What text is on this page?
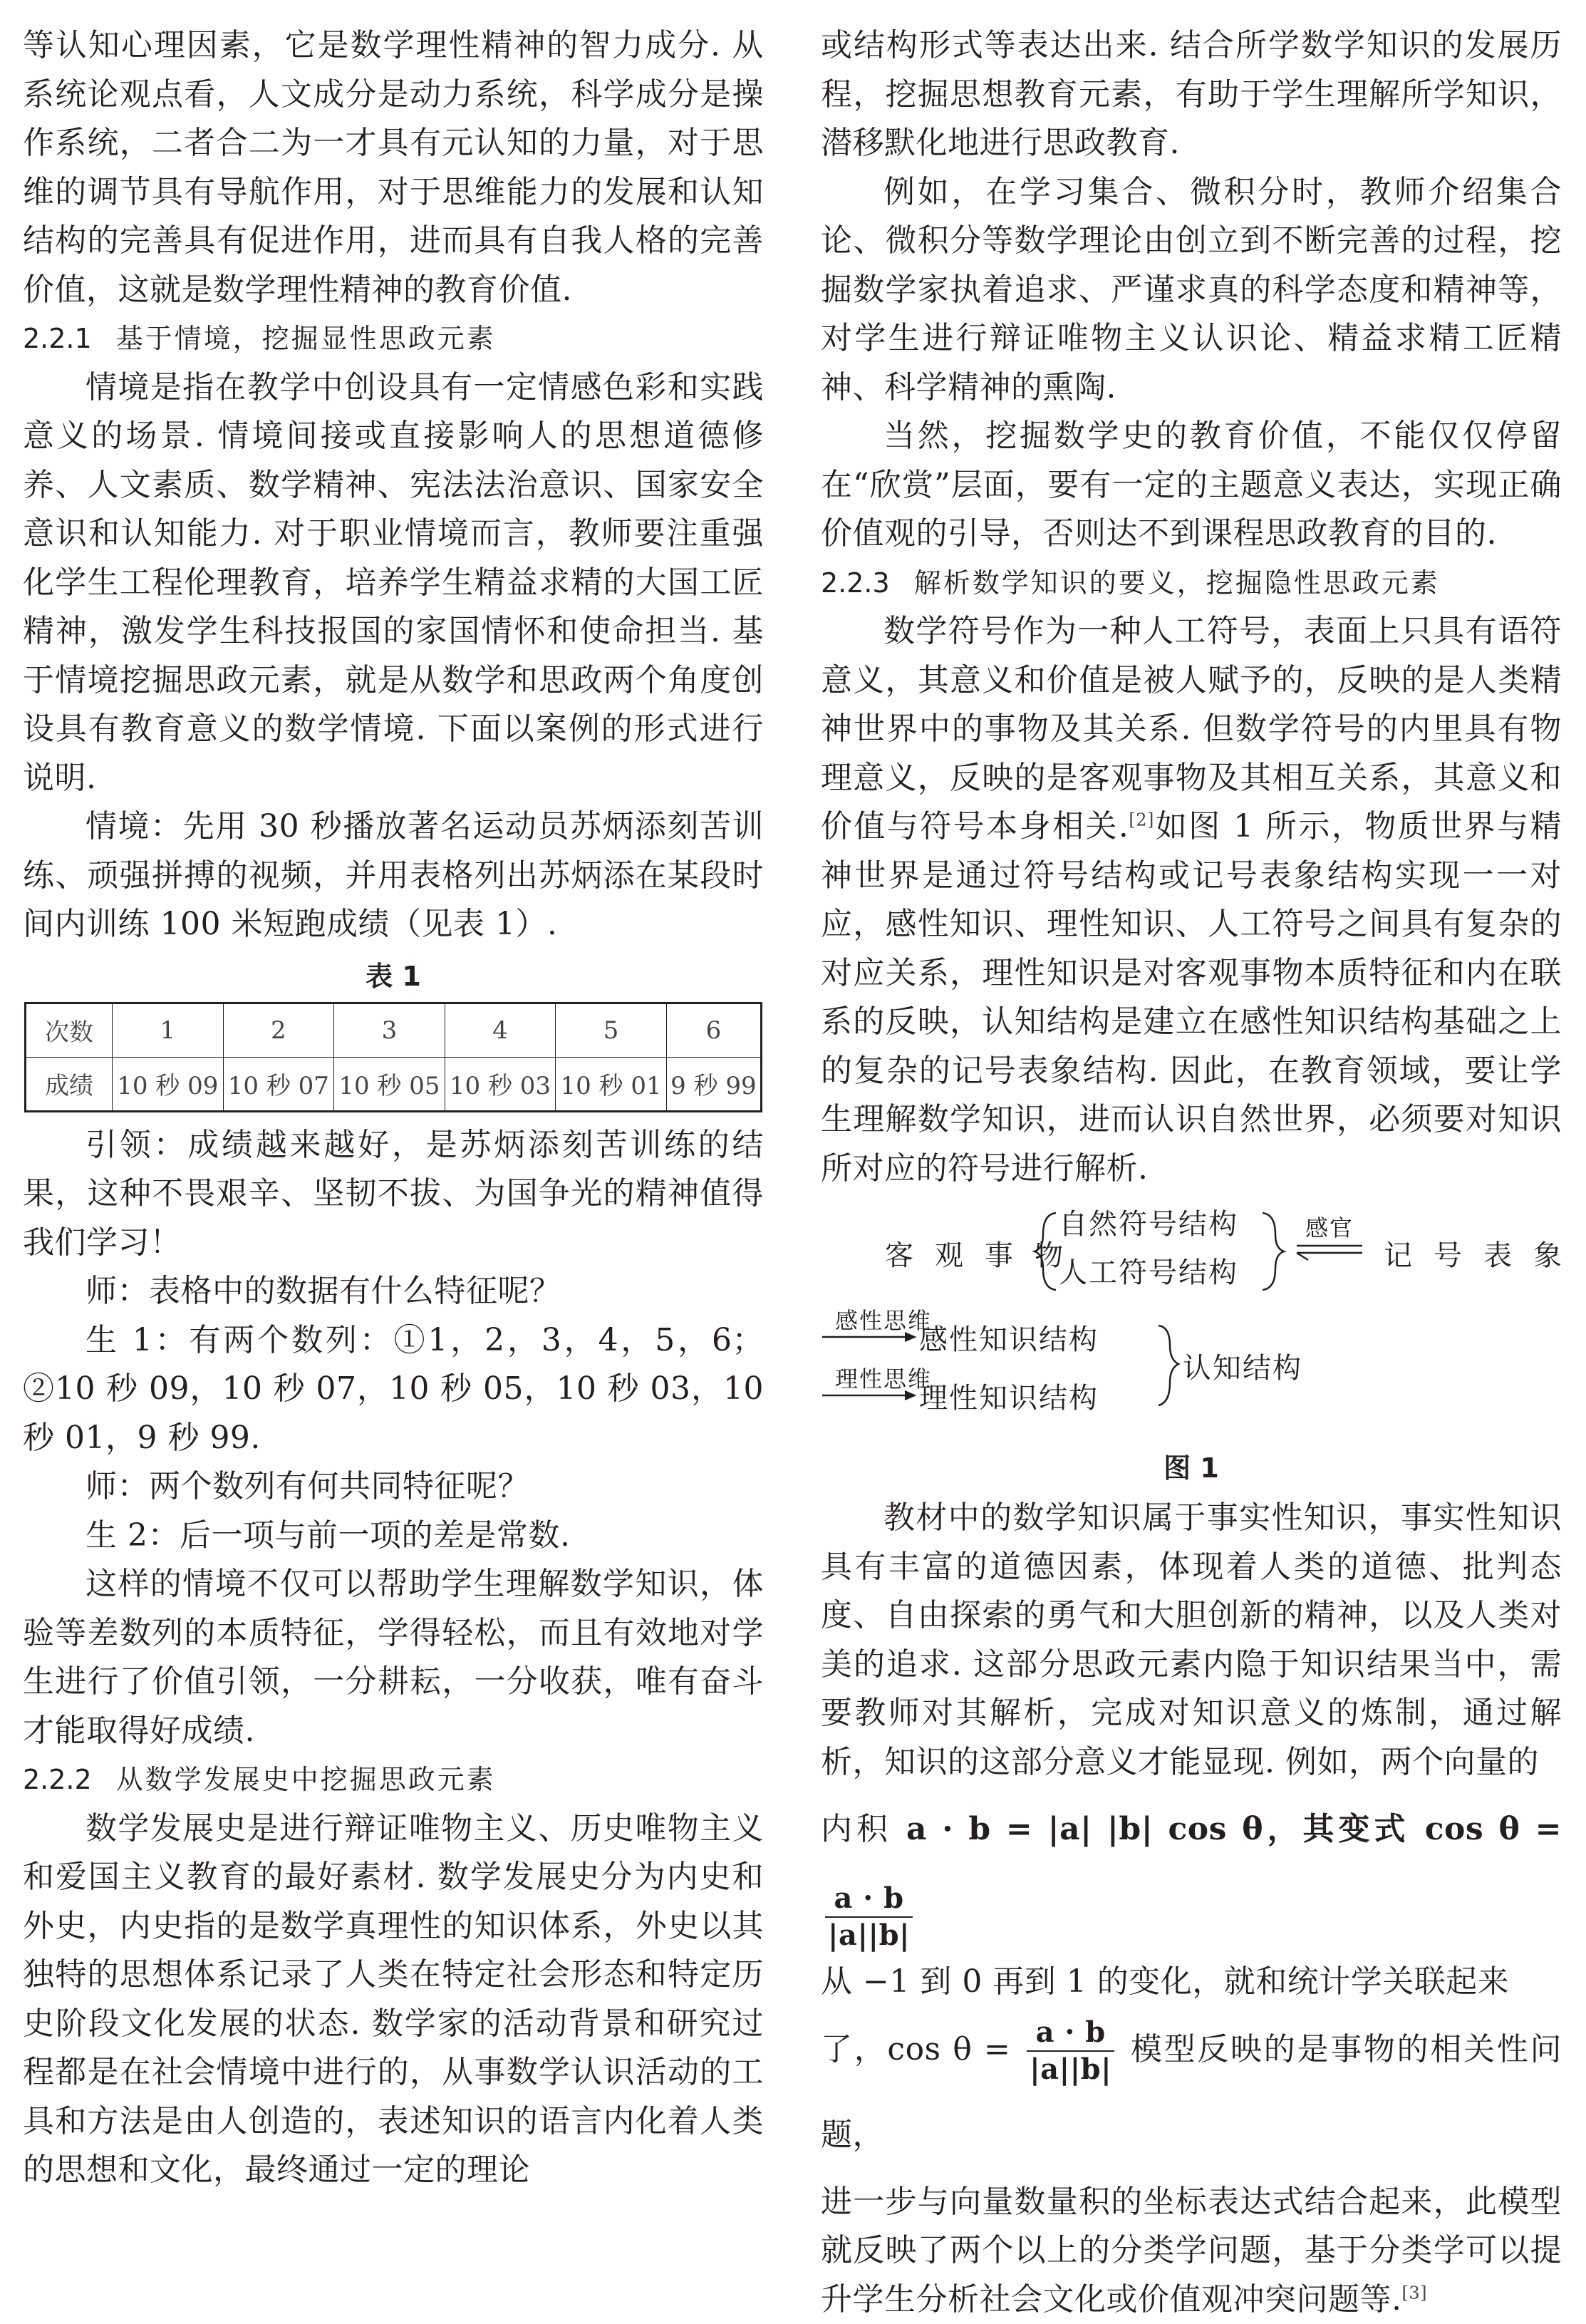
等认知心理因素，它是数学理性精神的智力成分. 从系统论观点看，人文成分是动力系统，科学成分是操作系统，二者合二为一才具有元认知的力量，对于思维的调节具有导航作用，对于思维能力的发展和认知结构的完善具有促进作用，进而具有自我人格的完善价值，这就是数学理性精神的教育价值.

2.2.1 基于情境，挖掘显性思政元素

情境是指在教学中创设具有一定情感色彩和实践意义的场景. 情境间接或直接影响人的思想道德修养、人文素质、数学精神、宪法法治意识、国家安全意识和认知能力. 对于职业情境而言，教师要注重强化学生工程伦理教育，培养学生精益求精的大国工匠精神，激发学生科技报国的家国情怀和使命担当. 基于情境挖掘思政元素，就是从数学和思政两个角度创设具有教育意义的数学情境. 下面以案例的形式进行说明.

情境：先用 30 秒播放著名运动员苏炳添刻苦训练、顽强拼搏的视频，并用表格列出苏炳添在某段时间内训练 100 米短跑成绩（见表 1）.

表 1
次数	1	2	3	4	5	6
成绩	10 秒 09	10 秒 07	10 秒 05	10 秒 03	10 秒 01	9 秒 99

引领：成绩越来越好，是苏炳添刻苦训练的结果，这种不畏艰辛、坚韧不拔、为国争光的精神值得我们学习！

师：表格中的数据有什么特征呢？

生 1：有两个数列：①1，2，3，4，5，6；②10 秒 09，10 秒 07，10 秒 05，10 秒 03，10 秒 01，9 秒 99.

师：两个数列有何共同特征呢？

生 2：后一项与前一项的差是常数.

这样的情境不仅可以帮助学生理解数学知识，体验等差数列的本质特征，学得轻松，而且有效地对学生进行了价值引领，一分耕耘，一分收获，唯有奋斗才能取得好成绩.

2.2.2 从数学发展史中挖掘思政元素

数学发展史是进行辩证唯物主义、历史唯物主义和爱国主义教育的最好素材. 数学发展史分为内史和外史，内史指的是数学真理性的知识体系，外史以其独特的思想体系记录了人类在特定社会形态和特定历史阶段文化发展的状态. 数学家的活动背景和研究过程都是在社会情境中进行的，从事数学认识活动的工具和方法是由人创造的，表述知识的语言内化着人类的思想和文化，最终通过一定的理论

或结构形式等表达出来. 结合所学数学知识的发展历程，挖掘思想教育元素，有助于学生理解所学知识，潜移默化地进行思政教育.

例如，在学习集合、微积分时，教师介绍集合论、微积分等数学理论由创立到不断完善的过程，挖掘数学家执着追求、严谨求真的科学态度和精神等，对学生进行辩证唯物主义认识论、精益求精工匠精神、科学精神的熏陶.

当然，挖掘数学史的教育价值，不能仅仅停留在“欣赏”层面，要有一定的主题意义表达，实现正确价值观的引导，否则达不到课程思政教育的目的.

2.2.3 解析数学知识的要义，挖掘隐性思政元素

数学符号作为一种人工符号，表面上只具有语符意义，其意义和价值是被人赋予的，反映的是人类精神世界中的事物及其关系. 但数学符号的内里具有物理意义，反映的是客观事物及其相互关系，其意义和价值与符号本身相关.[2]如图 1 所示，物质世界与精神世界是通过符号结构或记号表象结构实现一一对应，感性知识、理性知识、人工符号之间具有复杂的对应关系，理性知识是对客观事物本质特征和内在联系的反映，认知结构是建立在感性知识结构基础之上的复杂的记号表象结构. 因此，在教育领域，要让学生理解数学知识，进而认识自然世界，必须要对知识所对应的符号进行解析.

客观事物
自然符号结构
人工符号结构
感官
记号表象
感性思维
感性知识结构
理性思维
理性知识结构
认知结构
图 1

教材中的数学知识属于事实性知识，事实性知识具有丰富的道德因素，体现着人类的道德、批判态度、自由探索的勇气和大胆创新的精神，以及人类对美的追求. 这部分思政元素内隐于知识结果当中，需要教师对其解析，完成对知识意义的炼制，通过解析，知识的这部分意义才能显现. 例如，两个向量的

内积 a · b = |a| |b| cos θ，其变式 cos θ =
$\frac{a \cdot b}{|a||b|}$

从 −1 到 0 再到 1 的变化，就和统计学关联起来

了，$\cos \theta = \frac{a \cdot b}{|a||b|}$ 模型反映的是事物的相关性问题，

进一步与向量数量积的坐标表达式结合起来，此模型就反映了两个以上的分类学问题，基于分类学可以提升学生分析社会文化或价值观冲突问题等.[3]
